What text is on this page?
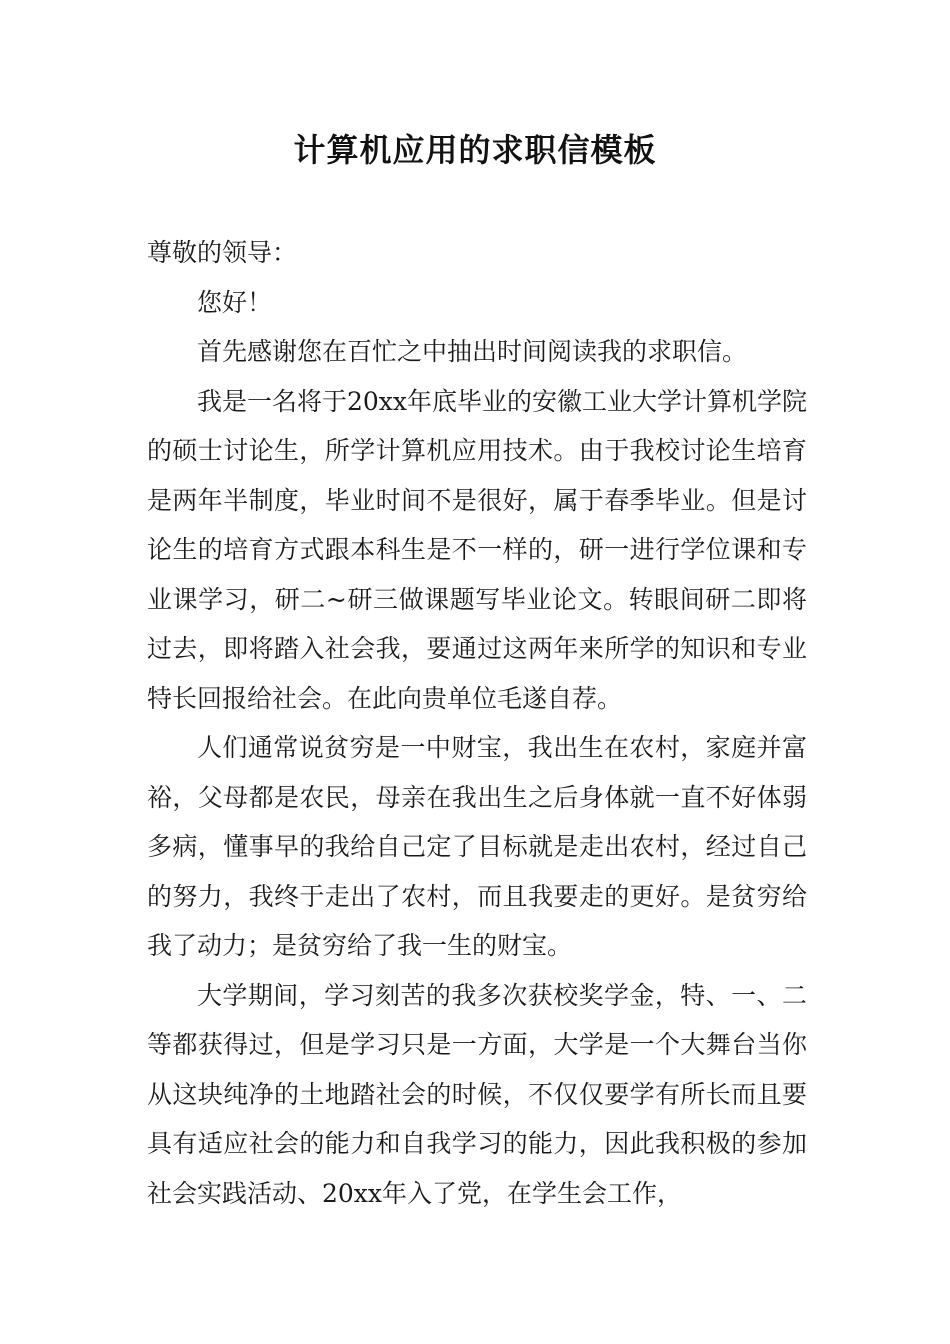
计算机应用的求职信模板

尊敬的领导：

您好！

首先感谢您在百忙之中抽出时间阅读我的求职信。

我是一名将于20xx年底毕业的安徽工业大学计算机学院的硕士讨论生，所学计算机应用技术。由于我校讨论生培育是两年半制度，毕业时间不是很好，属于春季毕业。但是讨论生的培育方式跟本科生是不一样的，研一进行学位课和专业课学习，研二~研三做课题写毕业论文。转眼间研二即将过去，即将踏入社会我，要通过这两年来所学的知识和专业特长回报给社会。在此向贵单位毛遂自荐。

人们通常说贫穷是一中财宝，我出生在农村，家庭并富裕，父母都是农民，母亲在我出生之后身体就一直不好体弱多病，懂事早的我给自己定了目标就是走出农村，经过自己的努力，我终于走出了农村，而且我要走的更好。是贫穷给我了动力；是贫穷给了我一生的财宝。

大学期间，学习刻苦的我多次获校奖学金，特、一、二等都获得过，但是学习只是一方面，大学是一个大舞台当你从这块纯净的土地踏社会的时候，不仅仅要学有所长而且要具有适应社会的能力和自我学习的能力，因此我积极的参加社会实践活动、20xx年入了党，在学生会工作，
